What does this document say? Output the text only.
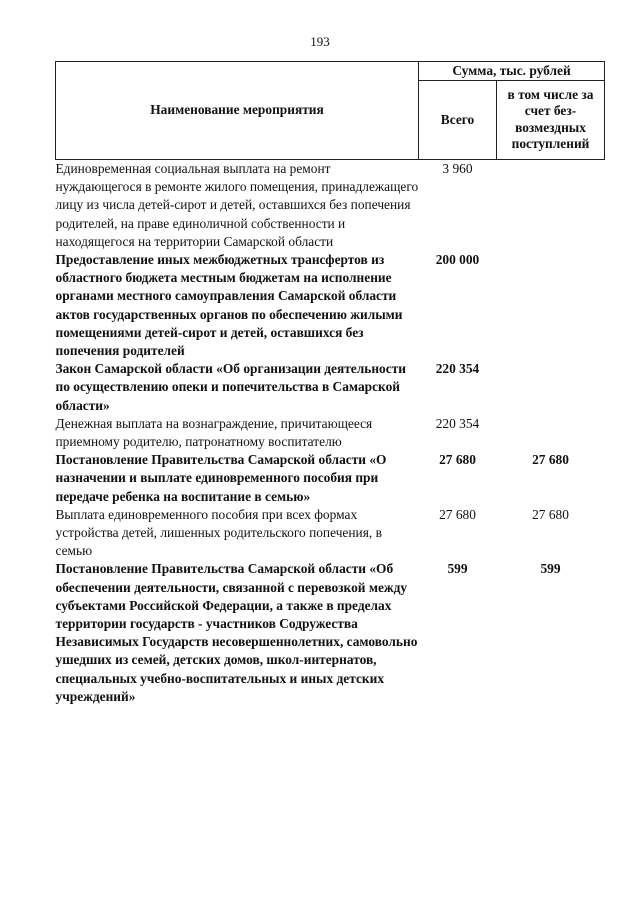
193
Наименование мероприятия	Сумма, тыс. рублей	
	Всего	в том числе за счет без-возмездных поступлений
Единовременная социальная выплата на ремонт нуждающегося в ремонте жилого помещения, принадлежащего лицу из числа детей-сирот и детей, оставшихся без попечения родителей, на праве единоличной собственности и находящегося на территории Самарской области	3 960	
Предоставление иных межбюджетных трансфертов из областного бюджета местным бюджетам на исполнение органами местного самоуправления Самарской области актов государственных органов по обеспечению жилыми помещениями детей-сирот и детей, оставшихся без попечения родителей	200 000	
Закон Самарской области «Об организации деятельности по осуществлению опеки и попечительства в Самарской области»	220 354	
Денежная выплата на вознаграждение, причитающееся приемному родителю, патронатному воспитателю	220 354	
Постановление Правительства Самарской области «О назначении и выплате единовременного пособия при передаче ребенка на воспитание в семью»	27 680	27 680
Выплата единовременного пособия при всех формах устройства детей, лишенных родительского попечения, в семью	27 680	27 680
Постановление Правительства Самарской области «Об обеспечении деятельности, связанной с перевозкой между субъектами Российской Федерации, а также в пределах территории государств - участников Содружества Независимых Государств несовершеннолетних, самовольно ушедших из семей, детских домов, школ-интернатов, специальных учебно-воспитательных и иных детских учреждений»	599	599
